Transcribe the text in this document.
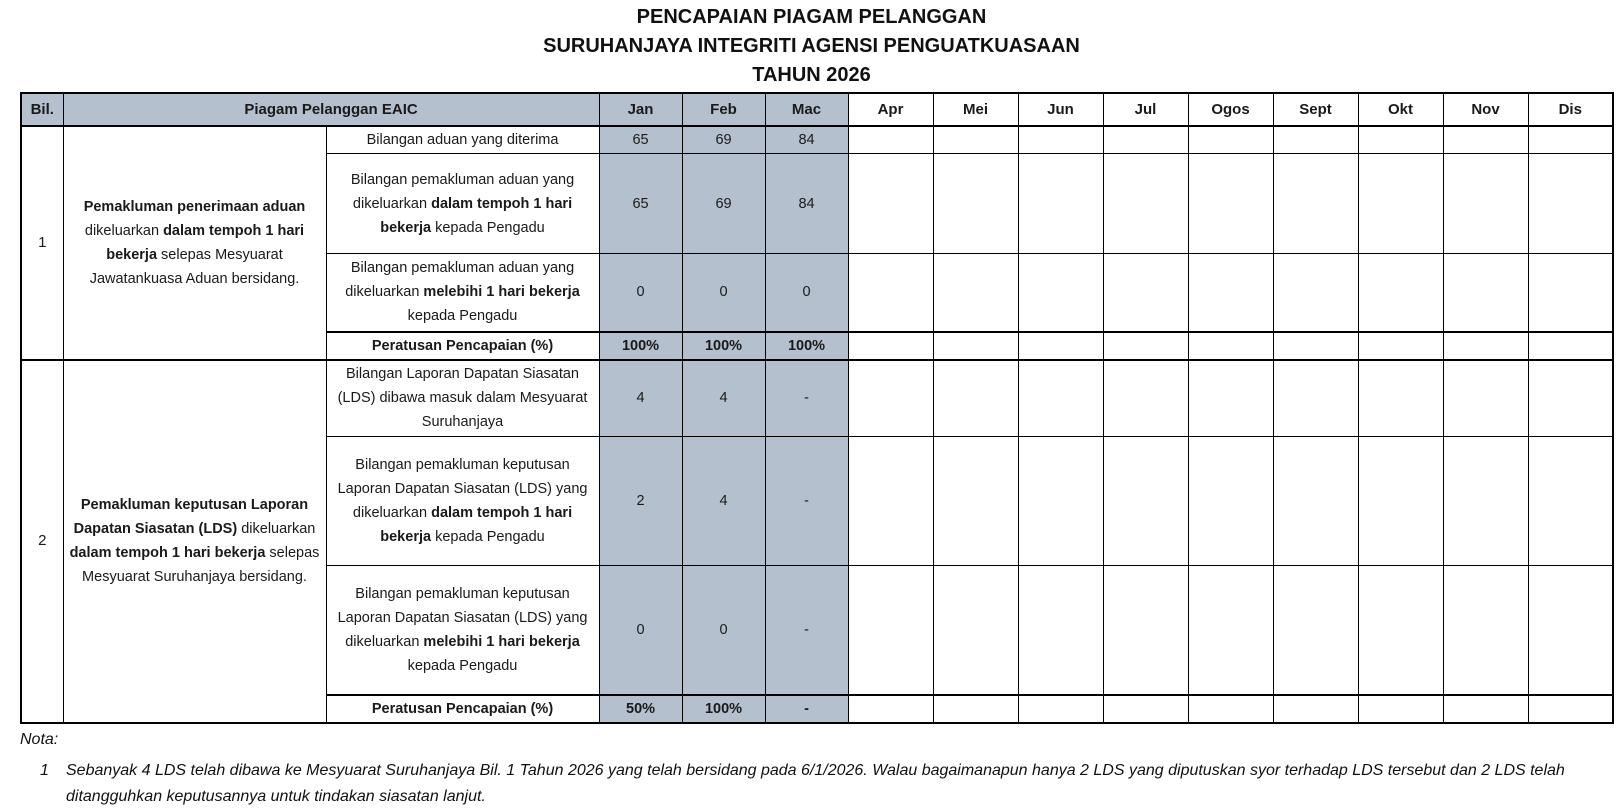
PENCAPAIAN PIAGAM PELANGGAN
SURUHANJAYA INTEGRITI AGENSI PENGUATKUASAAN
TAHUN 2026
Bil.	Piagam Pelanggan EAIC		Jan	Feb	Mac	Apr	Mei	Jun	Jul	Ogos	Sept	Okt	Nov	Dis
1	Pemakluman penerimaan aduan dikeluarkan dalam tempoh 1 hari bekerja selepas Mesyuarat Jawatankuasa Aduan bersidang.	Bilangan aduan yang diterima	65	69	84									
		Bilangan pemakluman aduan yang dikeluarkan dalam tempoh 1 hari bekerja kepada Pengadu	65	69	84									
		Bilangan pemakluman aduan yang dikeluarkan melebihi 1 hari bekerja kepada Pengadu	0	0	0									
		Peratusan Pencapaian (%)	100%	100%	100%									
2	Pemakluman keputusan Laporan Dapatan Siasatan (LDS) dikeluarkan dalam tempoh 1 hari bekerja selepas Mesyuarat Suruhanjaya bersidang.	Bilangan Laporan Dapatan Siasatan (LDS) dibawa masuk dalam Mesyuarat Suruhanjaya	4	4	-									
		Bilangan pemakluman keputusan Laporan Dapatan Siasatan (LDS) yang dikeluarkan dalam tempoh 1 hari bekerja kepada Pengadu	2	4	-									
		Bilangan pemakluman keputusan Laporan Dapatan Siasatan (LDS) yang dikeluarkan melebihi 1 hari bekerja kepada Pengadu	0	0	-									
		Peratusan Pencapaian (%)	50%	100%	-									
Nota:
1	Sebanyak 4 LDS telah dibawa ke Mesyuarat Suruhanjaya Bil. 1 Tahun 2026 yang telah bersidang pada 6/1/2026. Walau bagaimanapun hanya 2 LDS yang diputuskan syor terhadap LDS tersebut dan 2 LDS telah ditangguhkan keputusannya untuk tindakan siasatan lanjut.
